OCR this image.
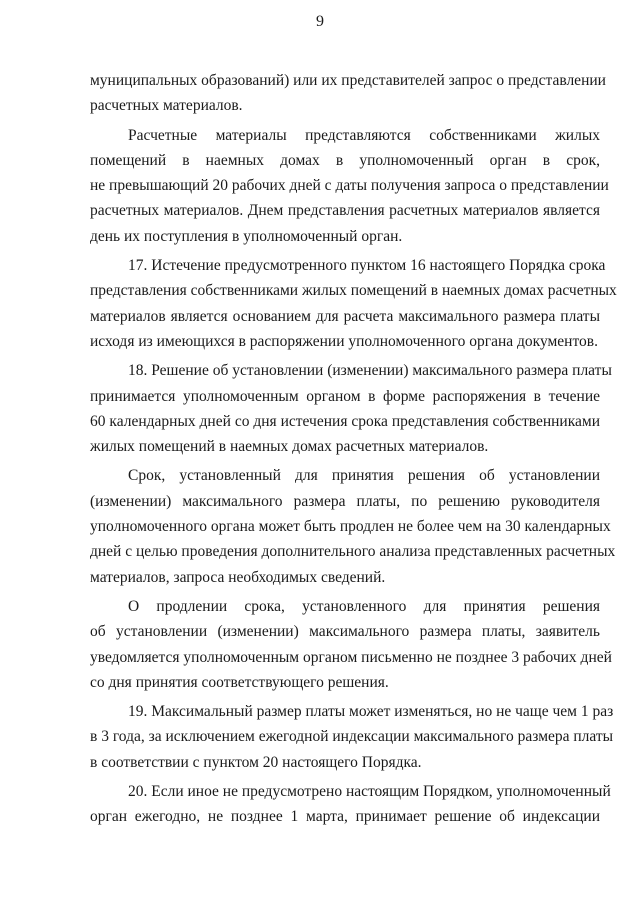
9
муниципальных образований) или их представителей запрос о представлении
расчетных материалов.
Расчетные материалы представляются собственниками жилых
помещений в наемных домах в уполномоченный орган в срок,
не превышающий 20 рабочих дней с даты получения запроса о представлении
расчетных материалов. Днем представления расчетных материалов является
день их поступления в уполномоченный орган.
17. Истечение предусмотренного пунктом 16 настоящего Порядка срока
представления собственниками жилых помещений в наемных домах расчетных
материалов является основанием для расчета максимального размера платы
исходя из имеющихся в распоряжении уполномоченного органа документов.
18. Решение об установлении (изменении) максимального размера платы
принимается уполномоченным органом в форме распоряжения в течение
60 календарных дней со дня истечения срока представления собственниками
жилых помещений в наемных домах расчетных материалов.
Срок, установленный для принятия решения об установлении
(изменении) максимального размера платы, по решению руководителя
уполномоченного органа может быть продлен не более чем на 30 календарных
дней с целью проведения дополнительного анализа представленных расчетных
материалов, запроса необходимых сведений.
О продлении срока, установленного для принятия решения
об установлении (изменении) максимального размера платы, заявитель
уведомляется уполномоченным органом письменно не позднее 3 рабочих дней
со дня принятия соответствующего решения.
19. Максимальный размер платы может изменяться, но не чаще чем 1 раз
в 3 года, за исключением ежегодной индексации максимального размера платы
в соответствии с пунктом 20 настоящего Порядка.
20. Если иное не предусмотрено настоящим Порядком, уполномоченный
орган ежегодно, не позднее 1 марта, принимает решение об индексации
